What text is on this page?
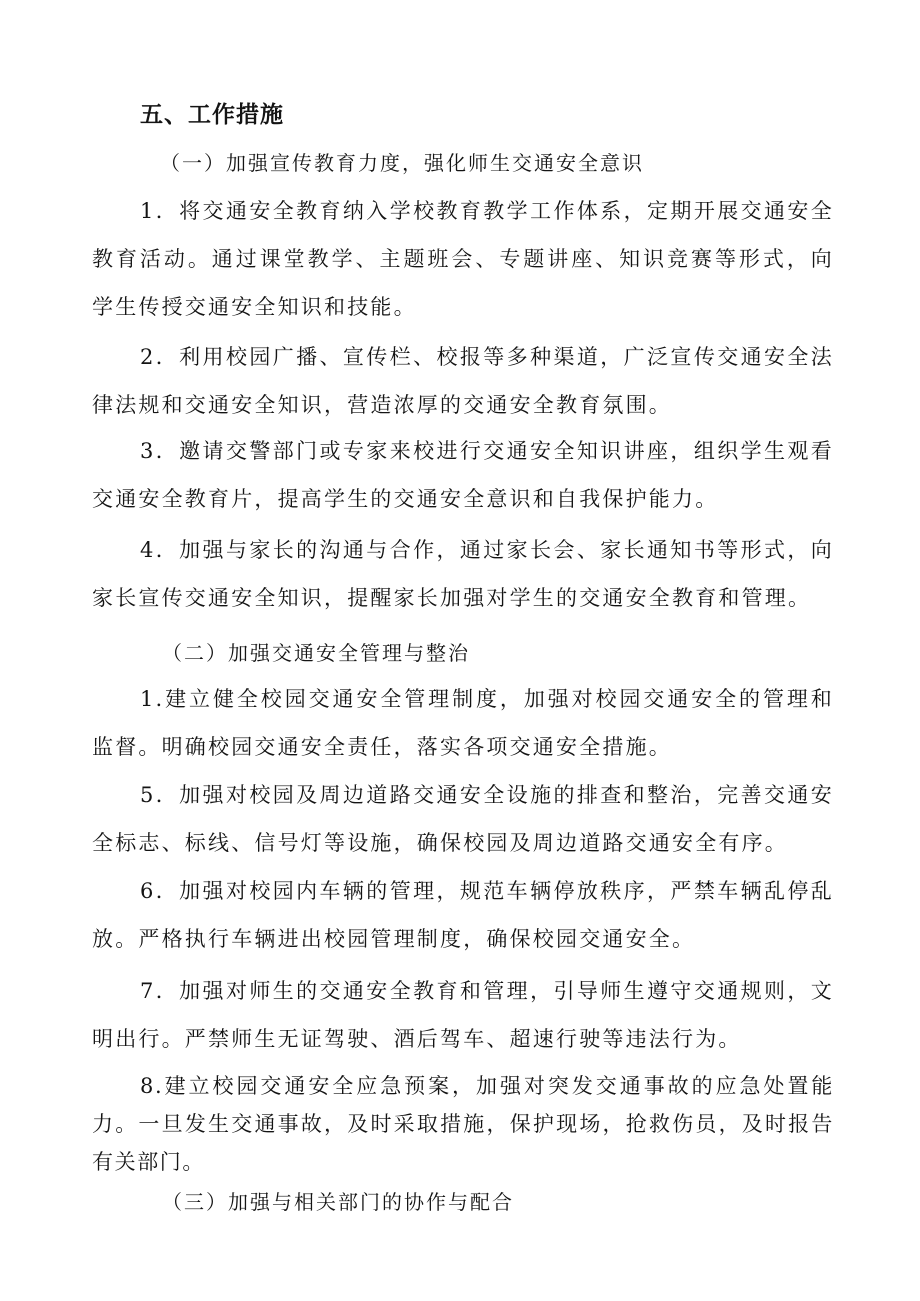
五、工作措施
（一）加强宣传教育力度，强化师生交通安全意识

1．将交通安全教育纳入学校教育教学工作体系，定期开展交通安全教育活动。通过课堂教学、主题班会、专题讲座、知识竞赛等形式，向学生传授交通安全知识和技能。

2．利用校园广播、宣传栏、校报等多种渠道，广泛宣传交通安全法律法规和交通安全知识，营造浓厚的交通安全教育氛围。

3．邀请交警部门或专家来校进行交通安全知识讲座，组织学生观看交通安全教育片，提高学生的交通安全意识和自我保护能力。

4．加强与家长的沟通与合作，通过家长会、家长通知书等形式，向家长宣传交通安全知识，提醒家长加强对学生的交通安全教育和管理。

（二）加强交通安全管理与整治

1.建立健全校园交通安全管理制度，加强对校园交通安全的管理和监督。明确校园交通安全责任，落实各项交通安全措施。

5．加强对校园及周边道路交通安全设施的排查和整治，完善交通安全标志、标线、信号灯等设施，确保校园及周边道路交通安全有序。

6．加强对校园内车辆的管理，规范车辆停放秩序，严禁车辆乱停乱放。严格执行车辆进出校园管理制度，确保校园交通安全。

7．加强对师生的交通安全教育和管理，引导师生遵守交通规则，文明出行。严禁师生无证驾驶、酒后驾车、超速行驶等违法行为。

8.建立校园交通安全应急预案，加强对突发交通事故的应急处置能力。一旦发生交通事故，及时采取措施，保护现场，抢救伤员，及时报告有关部门。

（三）加强与相关部门的协作与配合
